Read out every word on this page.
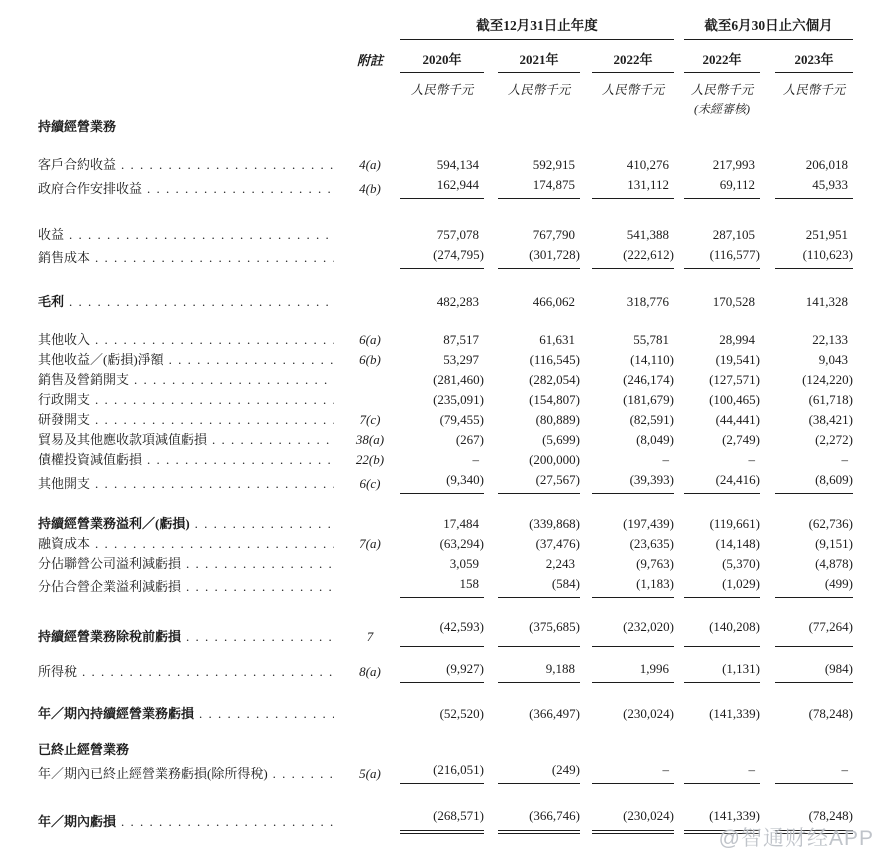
		截至12月31日止年度						截至6月30日止六個月		
	附註	2020年		2021年		2022年		2022年		2023年
		人民幣千元		人民幣千元		人民幣千元		人民幣千元		人民幣千元
								(未經審核)		

持續經營業務										

客戶合約收益
. . .	4(a)	594,134		592,915		410,276		217,993		206,018

政府合作安排收益
. . .	4(b)	162,944		174,875		131,112		69,112		45,933

收益
. . .		757,078		767,790		541,388		287,105		251,951

銷售成本
. . .		(274,795)		(301,728)		(222,612)		(116,577)		(110,623)

毛利
. . .		482,283		466,062		318,776		170,528		141,328

其他收入
. . .	6(a)	87,517		61,631		55,781		28,994		22,133

其他收益／(虧損)淨額
. . .	6(b)	53,297		(116,545)		(14,110)		(19,541)		9,043

銷售及營銷開支
. . .		(281,460)		(282,054)		(246,174)		(127,571)		(124,220)

行政開支
. . .		(235,091)		(154,807)		(181,679)		(100,465)		(61,718)

研發開支
. . .	7(c)	(79,455)		(80,889)		(82,591)		(44,441)		(38,421)

貿易及其他應收款項減值虧損
. . .	38(a)	(267)		(5,699)		(8,049)		(2,749)		(2,272)

債權投資減值虧損
. . .	22(b)	–		(200,000)		–		–		–

其他開支
. . .	6(c)	(9,340)		(27,567)		(39,393)		(24,416)		(8,609)

持續經營業務溢利／(虧損)
. . .		17,484		(339,868)		(197,439)		(119,661)		(62,736)

融資成本
. . .	7(a)	(63,294)		(37,476)		(23,635)		(14,148)		(9,151)

分佔聯營公司溢利減虧損
. . .		3,059		2,243		(9,763)		(5,370)		(4,878)

分佔合營企業溢利減虧損
. . .		158		(584)		(1,183)		(1,029)		(499)

持續經營業務除稅前虧損
. . .	7	(42,593)		(375,685)		(232,020)		(140,208)		(77,264)

所得稅
. . .	8(a)	(9,927)		9,188		1,996		(1,131)		(984)

年／期內持續經營業務虧損
. . .		(52,520)		(366,497)		(230,024)		(141,339)		(78,248)

已終止經營業務										

年／期內已終止經營業務虧損(除所得稅)
. . .	5(a)	(216,051)		(249)		–		–		–

年／期內虧損
. . .		(268,571)		(366,746)		(230,024)		(141,339)		(78,248)
@智通财经APP
